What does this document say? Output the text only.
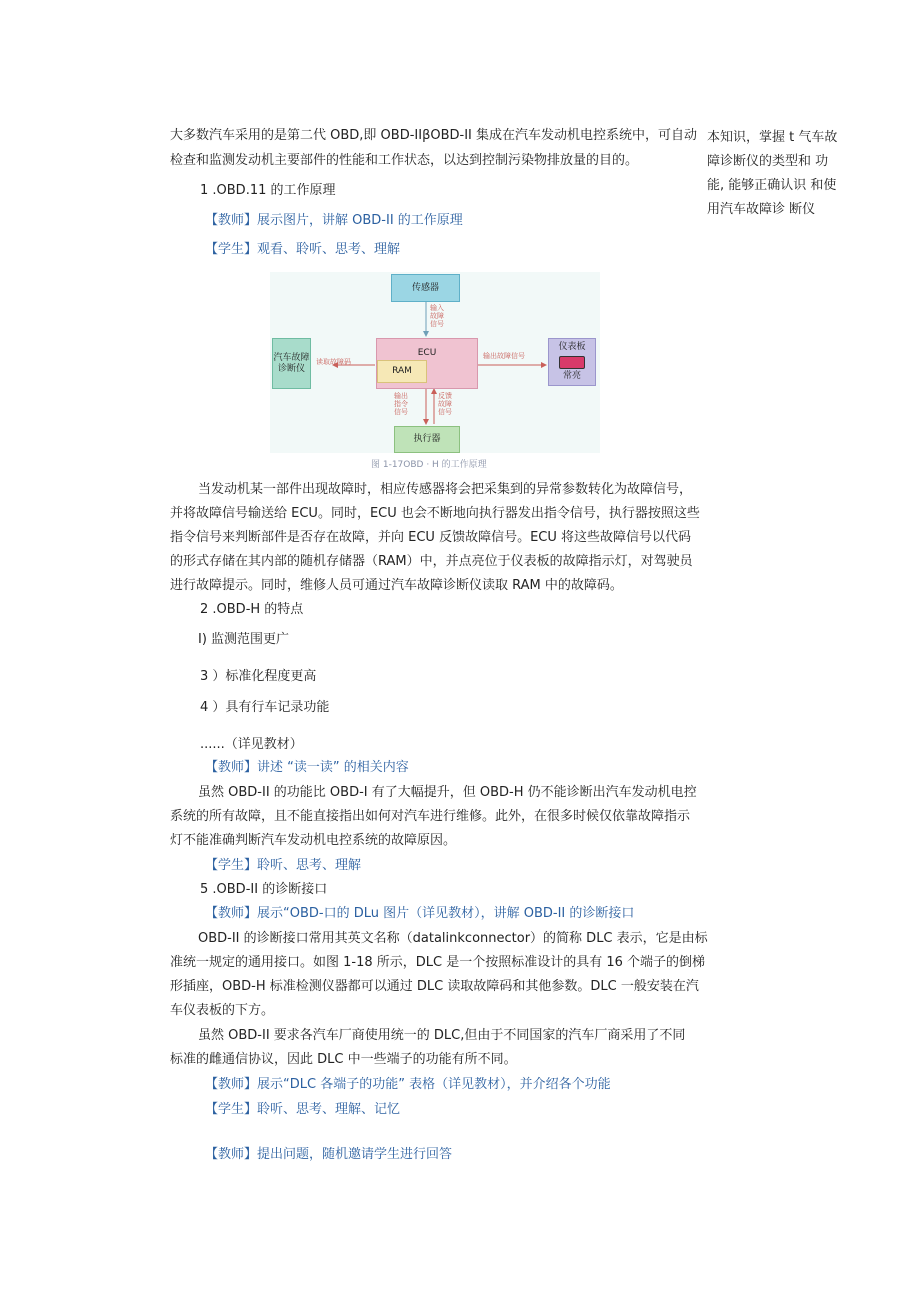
大多数汽车采用的是第二代 OBD,即 OBD-IIβOBD-II 集成在汽车发动机电控系统中，可自动
检查和监测发动机主要部件的性能和工作状态，以达到控制污染物排放量的目的。
本知识，掌握 t 气车故
障诊断仪的类型和 功
能, 能够正确认识 和使
用汽车故障诊 断仪
1 .OBD.11 的工作原理
【教师】展示图片，讲解 OBD-II 的工作原理
【学生】观看、聆听、思考、理解
传感器
输入
故障
信号
ECU
RAM
读取故障码
汽车故障
诊断仪
输出故障信号
仪表板
常亮
输出
指令
信号
反馈
故障
信号
执行器
图 1-17OBD · H 的工作原理
当发动机某一部件出现故障时，相应传感器将会把采集到的异常参数转化为故障信号，
并将故障信号输送给 ECU。同时，ECU 也会不断地向执行器发出指令信号，执行器按照这些
指令信号来判断部件是否存在故障，并向 ECU 反馈故障信号。ECU 将这些故障信号以代码
的形式存储在其内部的随机存储器（RAM）中，并点亮位于仪表板的故障指示灯，对驾驶员
进行故障提示。同时，维修人员可通过汽车故障诊断仪读取 RAM 中的故障码。
2 .OBD-H 的特点
I) 监测范围更广
3 ）标准化程度更高
4 ）具有行车记录功能
......（详见教材）
【教师】讲述 “读一读” 的相关内容
虽然 OBD-II 的功能比 OBD-I 有了大幅提升，但 OBD-H 仍不能诊断出汽车发动机电控
系统的所有故障，且不能直接指出如何对汽车进行维修。此外，在很多时候仅依靠故障指示
灯不能准确判断汽车发动机电控系统的故障原因。
【学生】聆听、思考、理解
5 .OBD-II 的诊断接口
【教师】展示“OBD-口的 DLu 图片（详见教材），讲解 OBD-II 的诊断接口
OBD-II 的诊断接口常用其英文名称（datalinkconnector）的简称 DLC 表示，它是由标
准统一规定的通用接口。如图 1-18 所示，DLC 是一个按照标准设计的具有 16 个端子的倒梯
形插座，OBD-H 标准检测仪器都可以通过 DLC 读取故障码和其他参数。DLC 一般安装在汽
车仪表板的下方。
虽然 OBD-II 要求各汽车厂商使用统一的 DLC,但由于不同国家的汽车厂商采用了不同
标准的雌通信协议，因此 DLC 中一些端子的功能有所不同。
【教师】展示“DLC 各端子的功能” 表格（详见教材），并介绍各个功能
【学生】聆听、思考、理解、记忆
【教师】提出问题，随机邀请学生进行回答
